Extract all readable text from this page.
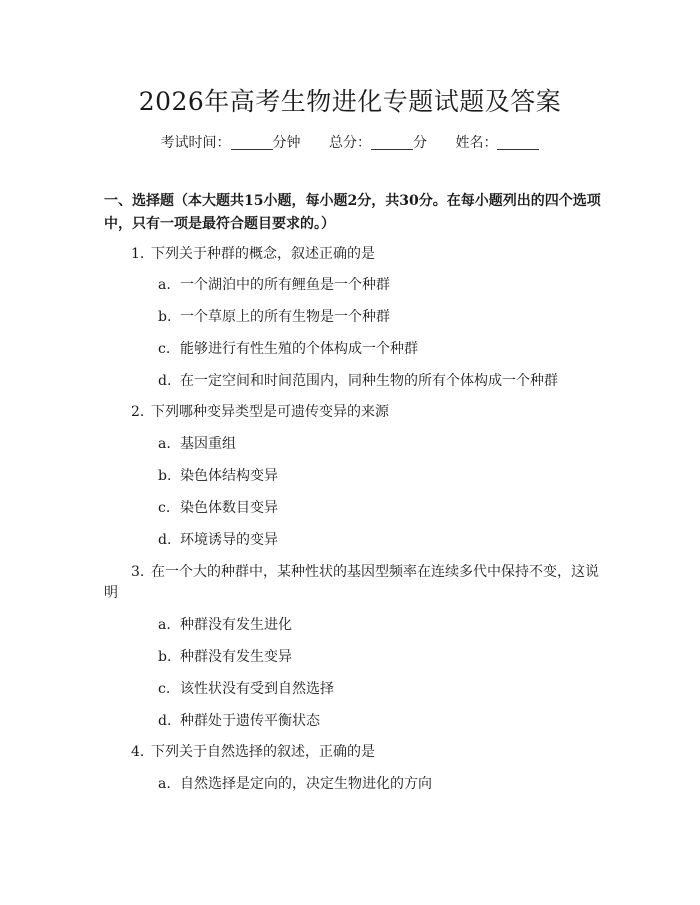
2026年高考生物进化专题试题及答案
考试时间：	分钟 总分：	分 姓名：
一、选择题（本大题共15小题，每小题2分，共30分。在每小题列出的四个选项中，只有一项是最符合题目要求的。）
1. 下列关于种群的概念，叙述正确的是
a. 一个湖泊中的所有鲤鱼是一个种群
b. 一个草原上的所有生物是一个种群
c. 能够进行有性生殖的个体构成一个种群
d. 在一定空间和时间范围内，同种生物的所有个体构成一个种群
2. 下列哪种变异类型是可遗传变异的来源
a. 基因重组
b. 染色体结构变异
c. 染色体数目变异
d. 环境诱导的变异
3. 在一个大的种群中，某种性状的基因型频率在连续多代中保持不变，这说
明
a. 种群没有发生进化
b. 种群没有发生变异
c. 该性状没有受到自然选择
d. 种群处于遗传平衡状态
4. 下列关于自然选择的叙述，正确的是
a. 自然选择是定向的，决定生物进化的方向
